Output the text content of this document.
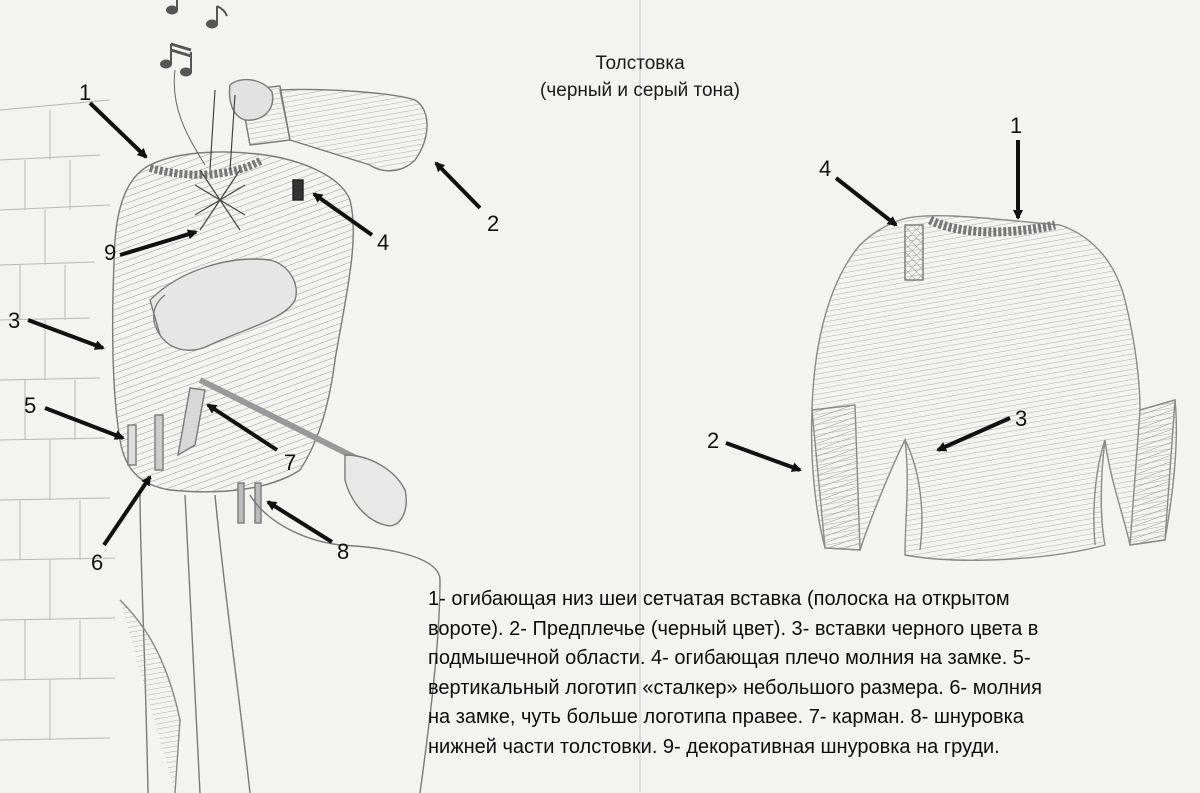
Толстовка
(черный и серый тона)
1
2
3
4
5
6
7
8
9
1
2
3
4
1- огибающая низ шеи сетчатая вставка (полоска на открытом
вороте). 2- Предплечье (черный цвет). 3- вставки черного цвета в
подмышечной области. 4- огибающая плечо молния на замке. 5-
вертикальный логотип «сталкер» небольшого размера. 6- молния
на замке, чуть больше логотипа правее. 7- карман. 8- шнуровка
нижней части толстовки. 9- декоративная шнуровка на груди.
